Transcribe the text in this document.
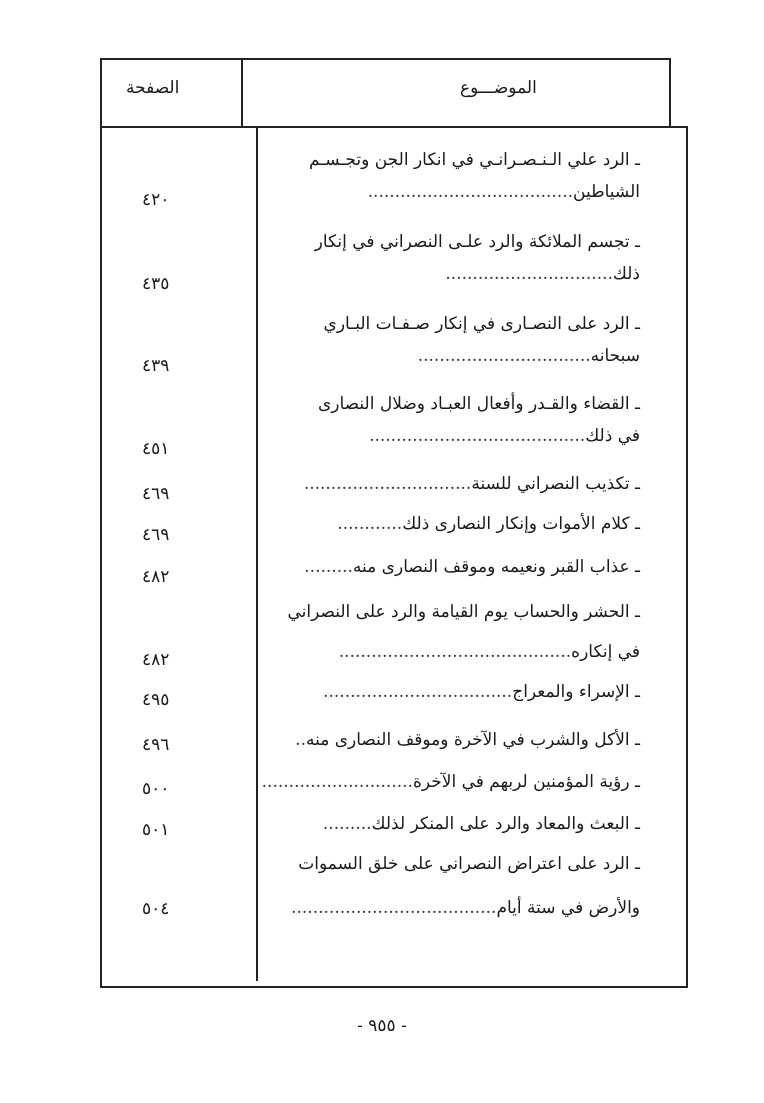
الصفحة	الموضـــوع
ـ الرد علي الـنـصـرانـي في انكار الجن وتجـسـم
الشياطين......................................
٤٢٠
ـ تجسم الملائكة والرد علـى النصراني في إنكار
ذلك...............................
٤٣٥
ـ الرد على النصـارى في إنكار صـفـات البـاري
سبحانه................................
٤٣٩
ـ القضاء والقـدر وأفعال العبـاد وضلال النصارى
في ذلك........................................
٤٥١
ـ تكذيب النصراني للسنة...............................
٤٦٩
ـ كلام الأموات وإنكار النصارى ذلك............
٤٦٩
ـ عذاب القبر ونعيمه وموقف النصارى منه.........
٤٨٢
ـ الحشر والحساب يوم القيامة والرد على النصراني
في إنكاره...........................................
٤٨٢
ـ الإسراء والمعراج...................................
٤٩٥
ـ الأكل والشرب في الآخرة وموقف النصارى منه..
٤٩٦
ـ رؤية المؤمنين لربهم في الآخرة............................
٥٠٠
ـ البعث والمعاد والرد على المنكر لذلك.........
٥٠١
ـ الرد على اعتراض النصراني على خلق السموات
والأرض في ستة أيام......................................
٥٠٤
- ٩٥٥ -
